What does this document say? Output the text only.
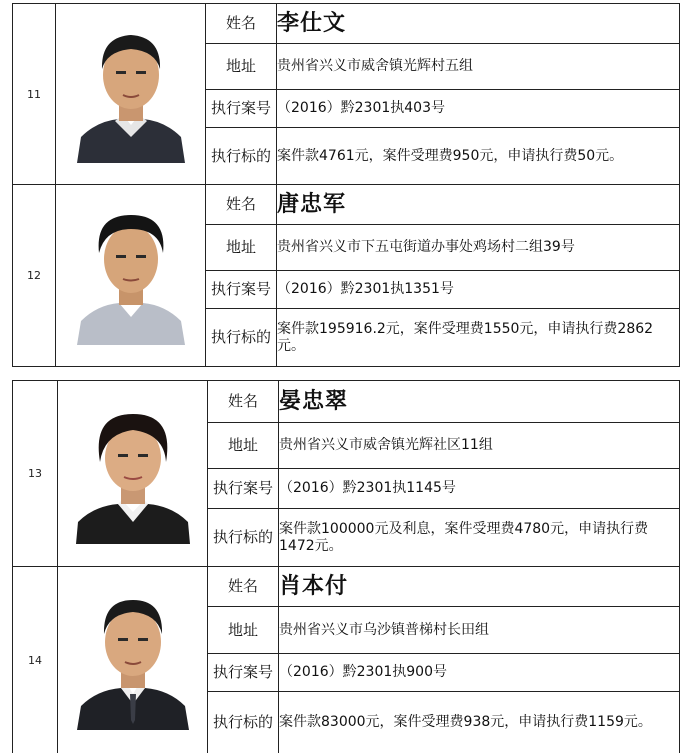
11		姓名	李仕文
		地址	贵州省兴义市威舍镇光辉村五组
		执行案号	（2016）黔2301执403号
		执行标的	案件款4761元，案件受理费950元，申请执行费50元。
12		姓名	唐忠军
		地址	贵州省兴义市下五屯街道办事处鸡场村二组39号
		执行案号	（2016）黔2301执1351号
		执行标的	案件款195916.2元，案件受理费1550元，申请执行费2862元。
13		姓名	晏忠翠
		地址	贵州省兴义市威舍镇光辉社区11组
		执行案号	（2016）黔2301执1145号
		执行标的	案件款100000元及利息，案件受理费4780元，申请执行费1472元。
14		姓名	肖本付
		地址	贵州省兴义市乌沙镇普梯村长田组
		执行案号	（2016）黔2301执900号
		执行标的	案件款83000元，案件受理费938元，申请执行费1159元。
